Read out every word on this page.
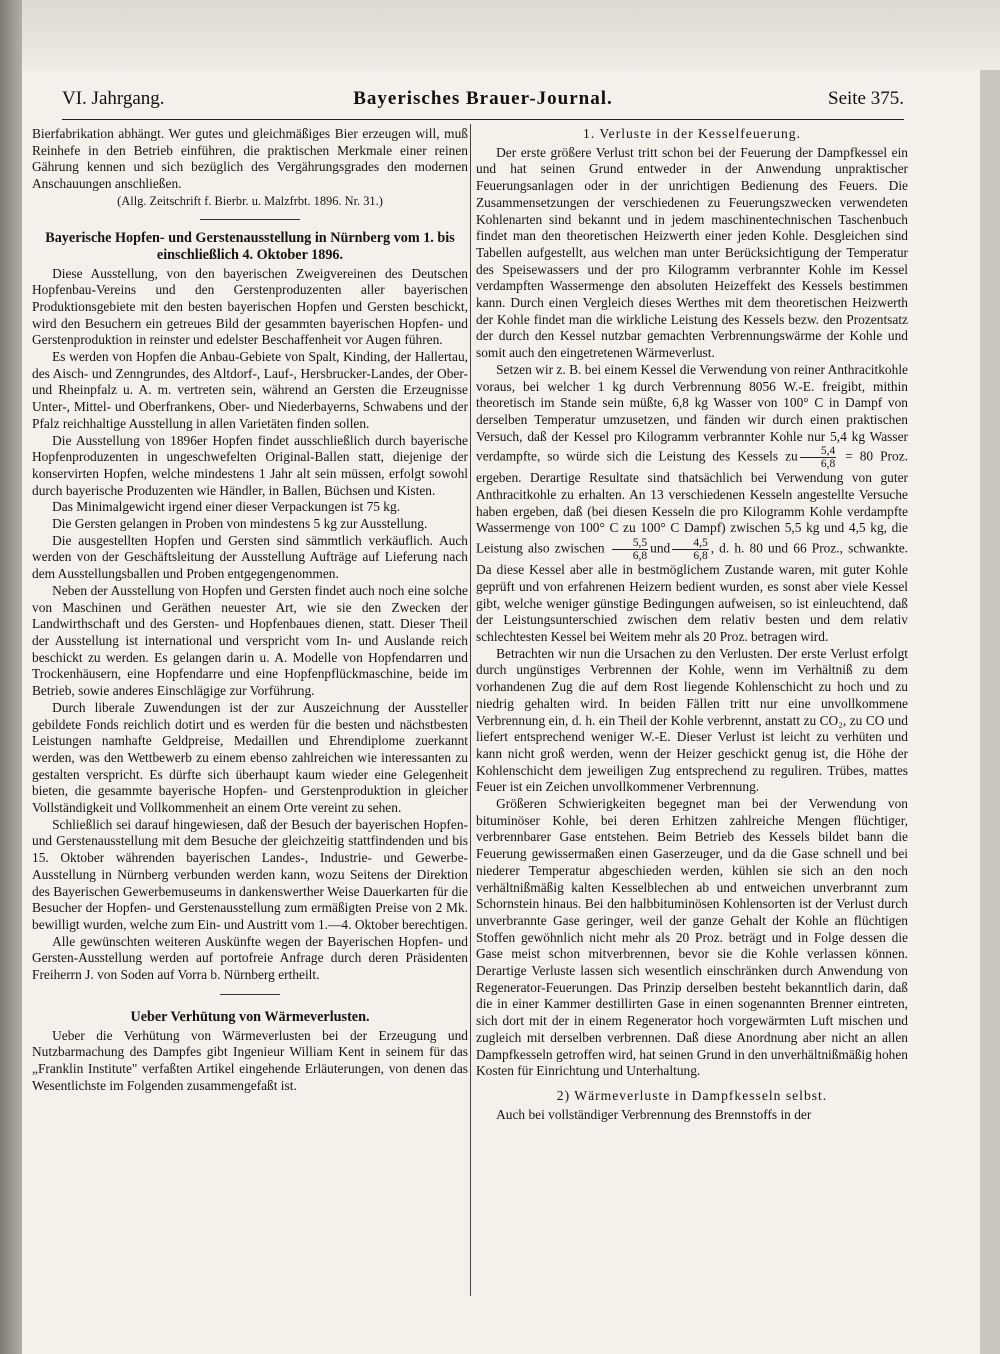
VI. Jahrgang.	Bayerisches Brauer-Journal.	Seite 375.

Bierfabrikation abhängt. Wer gutes und gleichmäßiges Bier erzeugen will, muß Reinhefe in den Betrieb einführen, die praktischen Merkmale einer reinen Gährung kennen und sich bezüglich des Vergährungsgrades den modernen Anschauungen anschließen.

(Allg. Zeitschrift f. Bierbr. u. Malzfrbt. 1896. Nr. 31.)

Bayerische Hopfen- und Gerstenausstellung in Nürnberg vom 1. bis einschließlich 4. Oktober 1896.

Diese Ausstellung, von den bayerischen Zweigvereinen des Deutschen Hopfenbau-Vereins und den Gerstenproduzenten aller bayerischen Produktionsgebiete mit den besten bayerischen Hopfen und Gersten beschickt, wird den Besuchern ein getreues Bild der gesammten bayerischen Hopfen- und Gerstenproduktion in reinster und edelster Beschaffenheit vor Augen führen.

Es werden von Hopfen die Anbau-Gebiete von Spalt, Kinding, der Hallertau, des Aisch- und Zenngrundes, des Altdorf-, Lauf-, Hersbrucker-Landes, der Ober- und Rheinpfalz u. A. m. vertreten sein, während an Gersten die Erzeugnisse Unter-, Mittel- und Oberfrankens, Ober- und Niederbayerns, Schwabens und der Pfalz reichhaltige Ausstellung in allen Varietäten finden sollen.

Die Ausstellung von 1896er Hopfen findet ausschließlich durch bayerische Hopfenproduzenten in ungeschwefelten Original-Ballen statt, diejenige der konservirten Hopfen, welche mindestens 1 Jahr alt sein müssen, erfolgt sowohl durch bayerische Produzenten wie Händler, in Ballen, Büchsen und Kisten.

Das Minimalgewicht irgend einer dieser Verpackungen ist 75 kg.

Die Gersten gelangen in Proben von mindestens 5 kg zur Ausstellung.

Die ausgestellten Hopfen und Gersten sind sämmtlich verkäuflich. Auch werden von der Geschäftsleitung der Ausstellung Aufträge auf Lieferung nach dem Ausstellungsballen und Proben entgegengenommen.

Neben der Ausstellung von Hopfen und Gersten findet auch noch eine solche von Maschinen und Geräthen neuester Art, wie sie den Zwecken der Landwirthschaft und des Gersten- und Hopfenbaues dienen, statt. Dieser Theil der Ausstellung ist international und verspricht vom In- und Auslande reich beschickt zu werden. Es gelangen darin u. A. Modelle von Hopfendarren und Trockenhäusern, eine Hopfendarre und eine Hopfenpflückmaschine, beide im Betrieb, sowie anderes Einschlägige zur Vorführung.

Durch liberale Zuwendungen ist der zur Auszeichnung der Aussteller gebildete Fonds reichlich dotirt und es werden für die besten und nächstbesten Leistungen namhafte Geldpreise, Medaillen und Ehrendiplome zuerkannt werden, was den Wettbewerb zu einem ebenso zahlreichen wie interessanten zu gestalten verspricht. Es dürfte sich überhaupt kaum wieder eine Gelegenheit bieten, die gesammte bayerische Hopfen- und Gerstenproduktion in gleicher Vollständigkeit und Vollkommenheit an einem Orte vereint zu sehen.

Schließlich sei darauf hingewiesen, daß der Besuch der bayerischen Hopfen- und Gerstenausstellung mit dem Besuche der gleichzeitig stattfindenden und bis 15. Oktober währenden bayerischen Landes-, Industrie- und Gewerbe-Ausstellung in Nürnberg verbunden werden kann, wozu Seitens der Direktion des Bayerischen Gewerbemuseums in dankenswerther Weise Dauerkarten für die Besucher der Hopfen- und Gerstenausstellung zum ermäßigten Preise von 2 Mk. bewilligt wurden, welche zum Ein- und Austritt vom 1.—4. Oktober berechtigen.

Alle gewünschten weiteren Auskünfte wegen der Bayerischen Hopfen- und Gersten-Ausstellung werden auf portofreie Anfrage durch deren Präsidenten Freiherrn J. von Soden auf Vorra b. Nürnberg ertheilt.

Ueber Verhütung von Wärmeverlusten.

Ueber die Verhütung von Wärmeverlusten bei der Erzeugung und Nutzbarmachung des Dampfes gibt Ingenieur William Kent in seinem für das „Franklin Institute" verfaßten Artikel eingehende Erläuterungen, von denen das Wesentlichste im Folgenden zusammengefaßt ist.

1. Verluste in der Kesselfeuerung.

Der erste größere Verlust tritt schon bei der Feuerung der Dampfkessel ein und hat seinen Grund entweder in der Anwendung unpraktischer Feuerungsanlagen oder in der unrichtigen Bedienung des Feuers. Die Zusammensetzungen der verschiedenen zu Feuerungszwecken verwendeten Kohlenarten sind bekannt und in jedem maschinentechnischen Taschenbuch findet man den theoretischen Heizwerth einer jeden Kohle. Desgleichen sind Tabellen aufgestellt, aus welchen man unter Berücksichtigung der Temperatur des Speisewassers und der pro Kilogramm verbrannter Kohle im Kessel verdampften Wassermenge den absoluten Heizeffekt des Kessels bestimmen kann. Durch einen Vergleich dieses Werthes mit dem theoretischen Heizwerth der Kohle findet man die wirkliche Leistung des Kessels bezw. den Prozentsatz der durch den Kessel nutzbar gemachten Verbrennungswärme der Kohle und somit auch den eingetretenen Wärmeverlust.

Setzen wir z. B. bei einem Kessel die Verwendung von reiner Anthracitkohle voraus, bei welcher 1 kg durch Verbrennung 8056 W.-E. freigibt, mithin theoretisch im Stande sein müßte, 6,8 kg Wasser von 100° C in Dampf von derselben Temperatur umzusetzen, und fänden wir durch einen praktischen Versuch, daß der Kessel pro Kilogramm verbrannter Kohle nur 5,4 kg Wasser verdampfte, so würde sich die Leistung des Kessels zu $\frac{5,4}{6,8} = 80$ Proz. ergeben. Derartige Resultate sind thatsächlich bei Verwendung von guter Anthracitkohle zu erhalten. An 13 verschiedenen Kesseln angestellte Versuche haben ergeben, daß (bei diesen Kesseln die pro Kilogramm Kohle verdampfte Wassermenge von 100° C zu 100° C Dampf) zwischen 5,5 kg und 4,5 kg, die Leistung also zwischen $\frac{5,5}{6,8}$ und $\frac{4,5}{6,8}$ , d. h. 80 und 66 Proz., schwankte. Da diese Kessel aber alle in bestmöglichem Zustande waren, mit guter Kohle geprüft und von erfahrenen Heizern bedient wurden, es sonst aber viele Kessel gibt, welche weniger günstige Bedingungen aufweisen, so ist einleuchtend, daß der Leistungsunterschied zwischen dem relativ besten und dem relativ schlechtesten Kessel bei Weitem mehr als 20 Proz. betragen wird.

Betrachten wir nun die Ursachen zu den Verlusten. Der erste Verlust erfolgt durch ungünstiges Verbrennen der Kohle, wenn im Verhältniß zu dem vorhandenen Zug die auf dem Rost liegende Kohlenschicht zu hoch und zu niedrig gehalten wird. In beiden Fällen tritt nur eine unvollkommene Verbrennung ein, d. h. ein Theil der Kohle verbrennt, anstatt zu CO₂, zu CO und liefert entsprechend weniger W.-E. Dieser Verlust ist leicht zu verhüten und kann nicht groß werden, wenn der Heizer geschickt genug ist, die Höhe der Kohlenschicht dem jeweiligen Zug entsprechend zu reguliren. Trübes, mattes Feuer ist ein Zeichen unvollkommener Verbrennung.

Größeren Schwierigkeiten begegnet man bei der Verwendung von bituminöser Kohle, bei deren Erhitzen zahlreiche Mengen flüchtiger, verbrennbarer Gase entstehen. Beim Betrieb des Kessels bildet bann die Feuerung gewissermaßen einen Gaserzeuger, und da die Gase schnell und bei niederer Temperatur abgeschieden werden, kühlen sie sich an den noch verhältnißmäßig kalten Kesselblechen ab und entweichen unverbrannt zum Schornstein hinaus. Bei den halbbituminösen Kohlensorten ist der Verlust durch unverbrannte Gase geringer, weil der ganze Gehalt der Kohle an flüchtigen Stoffen gewöhnlich nicht mehr als 20 Proz. beträgt und in Folge dessen die Gase meist schon mitverbrennen, bevor sie die Kohle verlassen können. Derartige Verluste lassen sich wesentlich einschränken durch Anwendung von Regenerator-Feuerungen. Das Prinzip derselben besteht bekanntlich darin, daß die in einer Kammer destillirten Gase in einen sogenannten Brenner eintreten, sich dort mit der in einem Regenerator hoch vorgewärmten Luft mischen und zugleich mit derselben verbrennen. Daß diese Anordnung aber nicht an allen Dampfkesseln getroffen wird, hat seinen Grund in den unverhältnißmäßig hohen Kosten für Einrichtung und Unterhaltung.

2) Wärmeverluste in Dampfkesseln selbst.

Auch bei vollständiger Verbrennung des Brennstoffs in der
